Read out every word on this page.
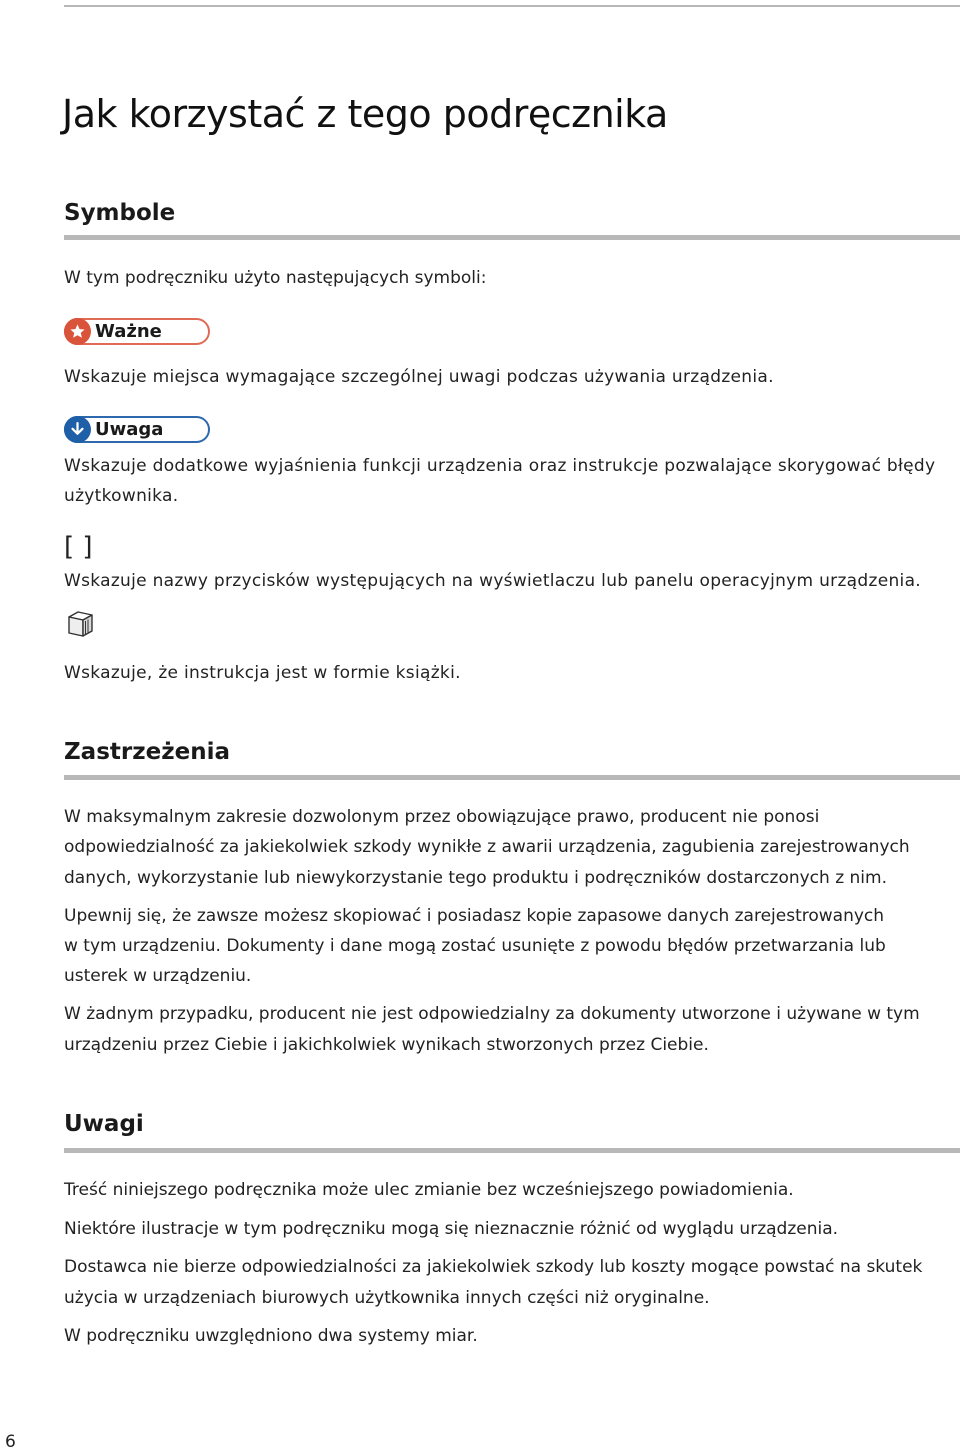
Jak korzystać z tego podręcznika
Symbole

W tym podręczniku użyto następujących symboli:

Ważne

Wskazuje miejsca wymagające szczególnej uwagi podczas używania urządzenia.

Uwaga

Wskazuje dodatkowe wyjaśnienia funkcji urządzenia oraz instrukcje pozwalające skorygować błędy

użytkownika.

[ ]

Wskazuje nazwy przycisków występujących na wyświetlaczu lub panelu operacyjnym urządzenia.

Wskazuje, że instrukcja jest w formie książki.

Zastrzeżenia

W maksymalnym zakresie dozwolonym przez obowiązujące prawo, producent nie ponosi

odpowiedzialność za jakiekolwiek szkody wynikłe z awarii urządzenia, zagubienia zarejestrowanych

danych, wykorzystanie lub niewykorzystanie tego produktu i podręczników dostarczonych z nim.

Upewnij się, że zawsze możesz skopiować i posiadasz kopie zapasowe danych zarejestrowanych

w tym urządzeniu. Dokumenty i dane mogą zostać usunięte z powodu błędów przetwarzania lub

usterek w urządzeniu.

W żadnym przypadku, producent nie jest odpowiedzialny za dokumenty utworzone i używane w tym

urządzeniu przez Ciebie i jakichkolwiek wynikach stworzonych przez Ciebie.

Uwagi

Treść niniejszego podręcznika może ulec zmianie bez wcześniejszego powiadomienia.

Niektóre ilustracje w tym podręczniku mogą się nieznacznie różnić od wyglądu urządzenia.

Dostawca nie bierze odpowiedzialności za jakiekolwiek szkody lub koszty mogące powstać na skutek

użycia w urządzeniach biurowych użytkownika innych części niż oryginalne.

W podręczniku uwzględniono dwa systemy miar.

6
